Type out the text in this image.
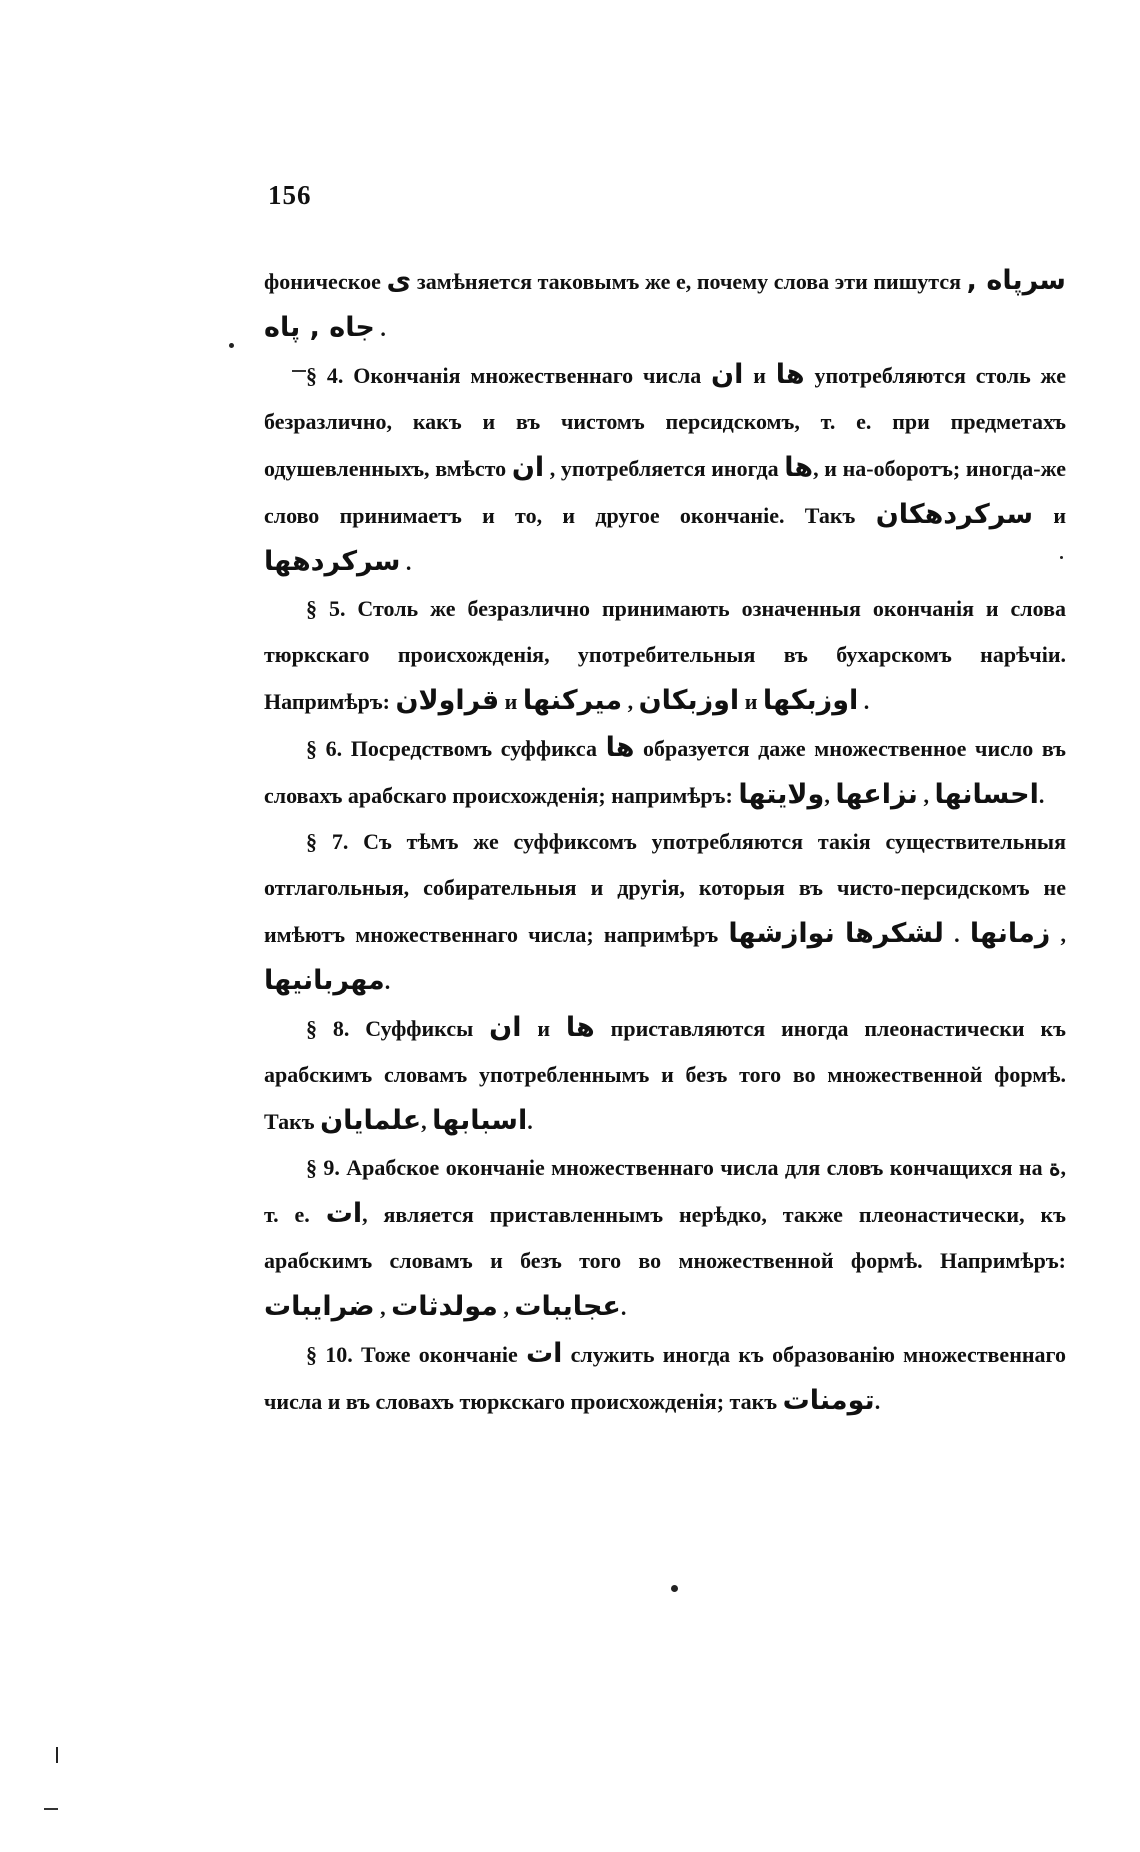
156

фоническое ی замѣняется таковымъ же е, почему слова эти пишутся سرپاه , جاه , پاه .

§ 4. Окончанія множественнаго числа ان и ها употребляются столь же безразлично, какъ и въ чистомъ персидскомъ, т. е. при предметахъ одушевленныхъ, вмѣсто ان , употребляется иногда ها, и на-оборотъ; иногда-же слово принимаетъ и то, и другое окончаніе. Такъ سرکردهکان и سرکردهها .

§ 5. Столь же безразлично принимають означенныя окончанія и слова тюркскаго происхожденія, употребительныя въ бухарскомъ нарѣчіи. Напримѣръ: قراولان и میرکنها , اوزبکان и اوزبکها .

§ 6. Посредствомъ суффикса ها образуется даже множественное число въ словахъ арабскаго происхожденія; напримѣръ: ولایتها, نزاعها , احسانها.

§ 7. Съ тѣмъ же суффиксомъ употребляются такія существительныя отглагольныя, собирательныя и другія, которыя въ чисто-персидскомъ не имѣютъ множественнаго числа; напримѣръ نوازشها لشکرها . زمانها , مهربانیها.

§ 8. Суффиксы ان и ها приставляются иногда плеонастически къ арабскимъ словамъ употребленнымъ и безъ того во множественной формѣ. Такъ علمایان, اسبابها.

§ 9. Арабское окончаніе множественнаго числа для словъ кончащихся на ة, т. е. ات, является приставленнымъ нерѣдко, также плеонастически, къ арабскимъ словамъ и безъ того во множественной формѣ. Напримѣръ: ضرایبات , مولدثات , عجایبات.

§ 10. Тоже окончаніе ات служить иногда къ образованію множественнаго числа и въ словахъ тюркскаго происхожденія; такъ تومنات.
